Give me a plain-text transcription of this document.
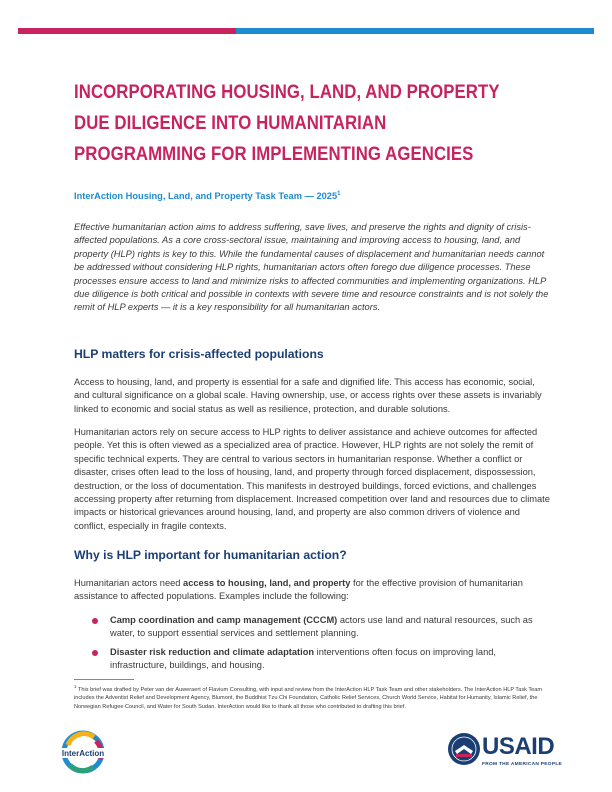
INCORPORATING HOUSING, LAND, AND PROPERTY DUE DILIGENCE INTO HUMANITARIAN PROGRAMMING FOR IMPLEMENTING AGENCIES
InterAction Housing, Land, and Property Task Team — 2025$^1$

Effective humanitarian action aims to address suffering, save lives, and preserve the rights and dignity of crisis-affected populations. As a core cross-sectoral issue, maintaining and improving access to housing, land, and property (HLP) rights is key to this. While the fundamental causes of displacement and humanitarian needs cannot be addressed without considering HLP rights, humanitarian actors often forego due diligence processes. These processes ensure access to land and minimize risks to affected communities and implementing organizations. HLP due diligence is both critical and possible in contexts with severe time and resource constraints and is not solely the remit of HLP experts — it is a key responsibility for all humanitarian actors.

HLP matters for crisis-affected populations

Access to housing, land, and property is essential for a safe and dignified life. This access has economic, social, and cultural significance on a global scale. Having ownership, use, or access rights over these assets is invariably linked to economic and social status as well as resilience, protection, and durable solutions.

Humanitarian actors rely on secure access to HLP rights to deliver assistance and achieve outcomes for affected people. Yet this is often viewed as a specialized area of practice. However, HLP rights are not solely the remit of specific technical experts. They are central to various sectors in humanitarian response. Whether a conflict or disaster, crises often lead to the loss of housing, land, and property through forced displacement, dispossession, destruction, or the loss of documentation. This manifests in destroyed buildings, forced evictions, and challenges accessing property after returning from displacement. Increased competition over land and resources due to climate impacts or historical grievances around housing, land, and property are also common drivers of violence and conflict, especially in fragile contexts.

Why is HLP important for humanitarian action?

Humanitarian actors need access to housing, land, and property for the effective provision of humanitarian assistance to affected populations. Examples include the following:

Camp coordination and camp management (CCCM) actors use land and natural resources, such as water, to support essential services and settlement planning.
Disaster risk reduction and climate adaptation interventions often focus on improving land, infrastructure, buildings, and housing.

$^1$ This brief was drafted by Peter van der Auweraert of Flavium Consulting, with input and review from the InterAction HLP Task Team and other stakeholders. The InterAction HLP Task Team includes the Adventist Relief and Development Agency, Blumont, the Buddhist Tzu Chi Foundation, Catholic Relief Services, Church World Service, Habitat for Humanity, Islamic Relief, the Norwegian Refugee Council, and Water for South Sudan. InterAction would like to thank all those who contributed to drafting this brief.

InterAction	USAID
FROM THE AMERICAN PEOPLE
